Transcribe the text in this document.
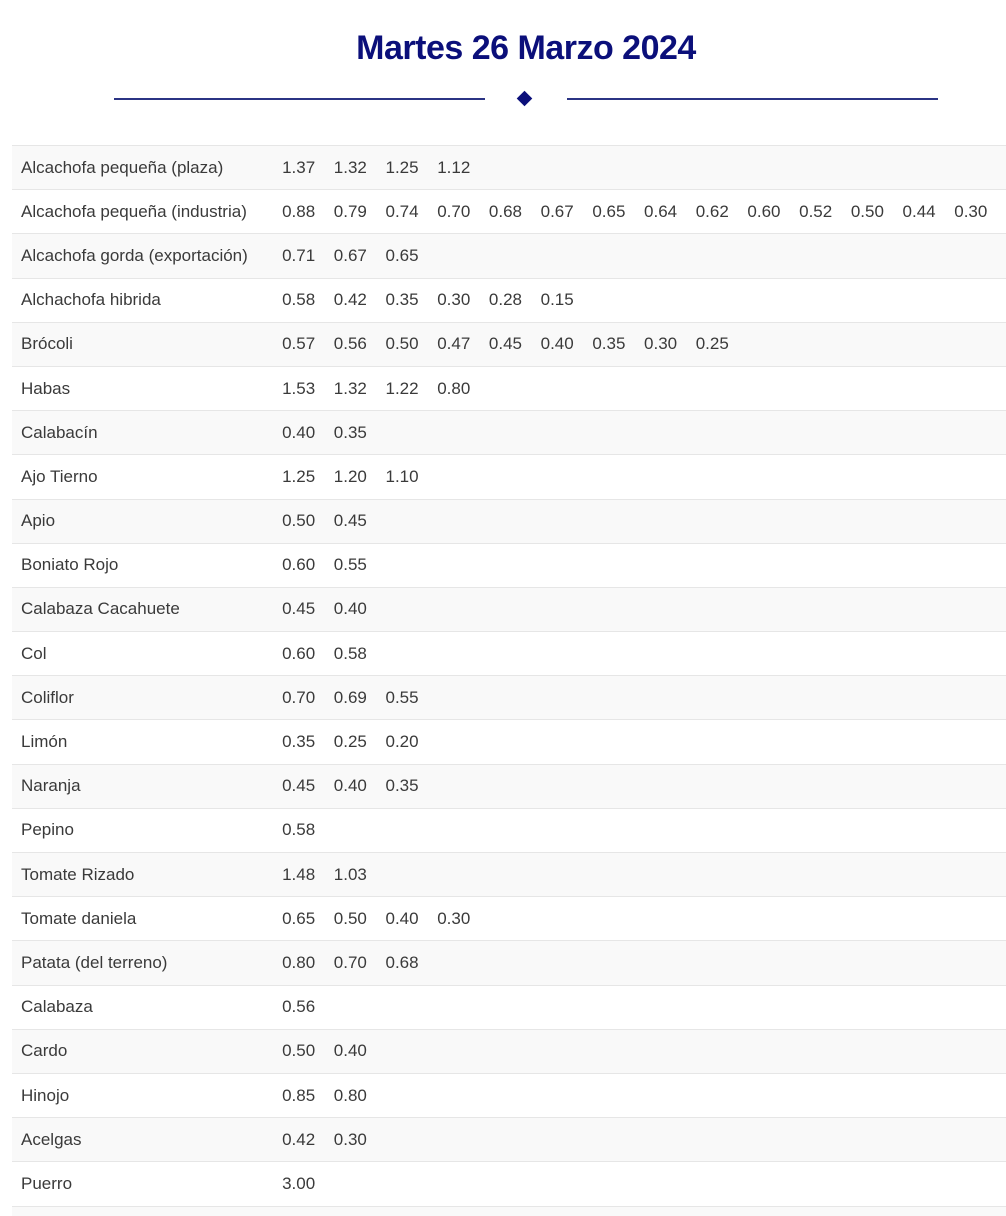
Martes 26 Marzo 2024
Alcachofa pequeña (plaza)	1.37	1.32	1.25	1.12										
Alcachofa pequeña (industria)	0.88	0.79	0.74	0.70	0.68	0.67	0.65	0.64	0.62	0.60	0.52	0.50	0.44	0.30
Alcachofa gorda (exportación)	0.71	0.67	0.65											
Alchachofa hibrida	0.58	0.42	0.35	0.30	0.28	0.15								
Brócoli	0.57	0.56	0.50	0.47	0.45	0.40	0.35	0.30	0.25					
Habas	1.53	1.32	1.22	0.80										
Calabacín	0.40	0.35												
Ajo Tierno	1.25	1.20	1.10											
Apio	0.50	0.45												
Boniato Rojo	0.60	0.55												
Calabaza Cacahuete	0.45	0.40												
Col	0.60	0.58												
Coliflor	0.70	0.69	0.55											
Limón	0.35	0.25	0.20											
Naranja	0.45	0.40	0.35											
Pepino	0.58													
Tomate Rizado	1.48	1.03												
Tomate daniela	0.65	0.50	0.40	0.30										
Patata (del terreno)	0.80	0.70	0.68											
Calabaza	0.56													
Cardo	0.50	0.40												
Hinojo	0.85	0.80												
Acelgas	0.42	0.30												
Puerro	3.00													
